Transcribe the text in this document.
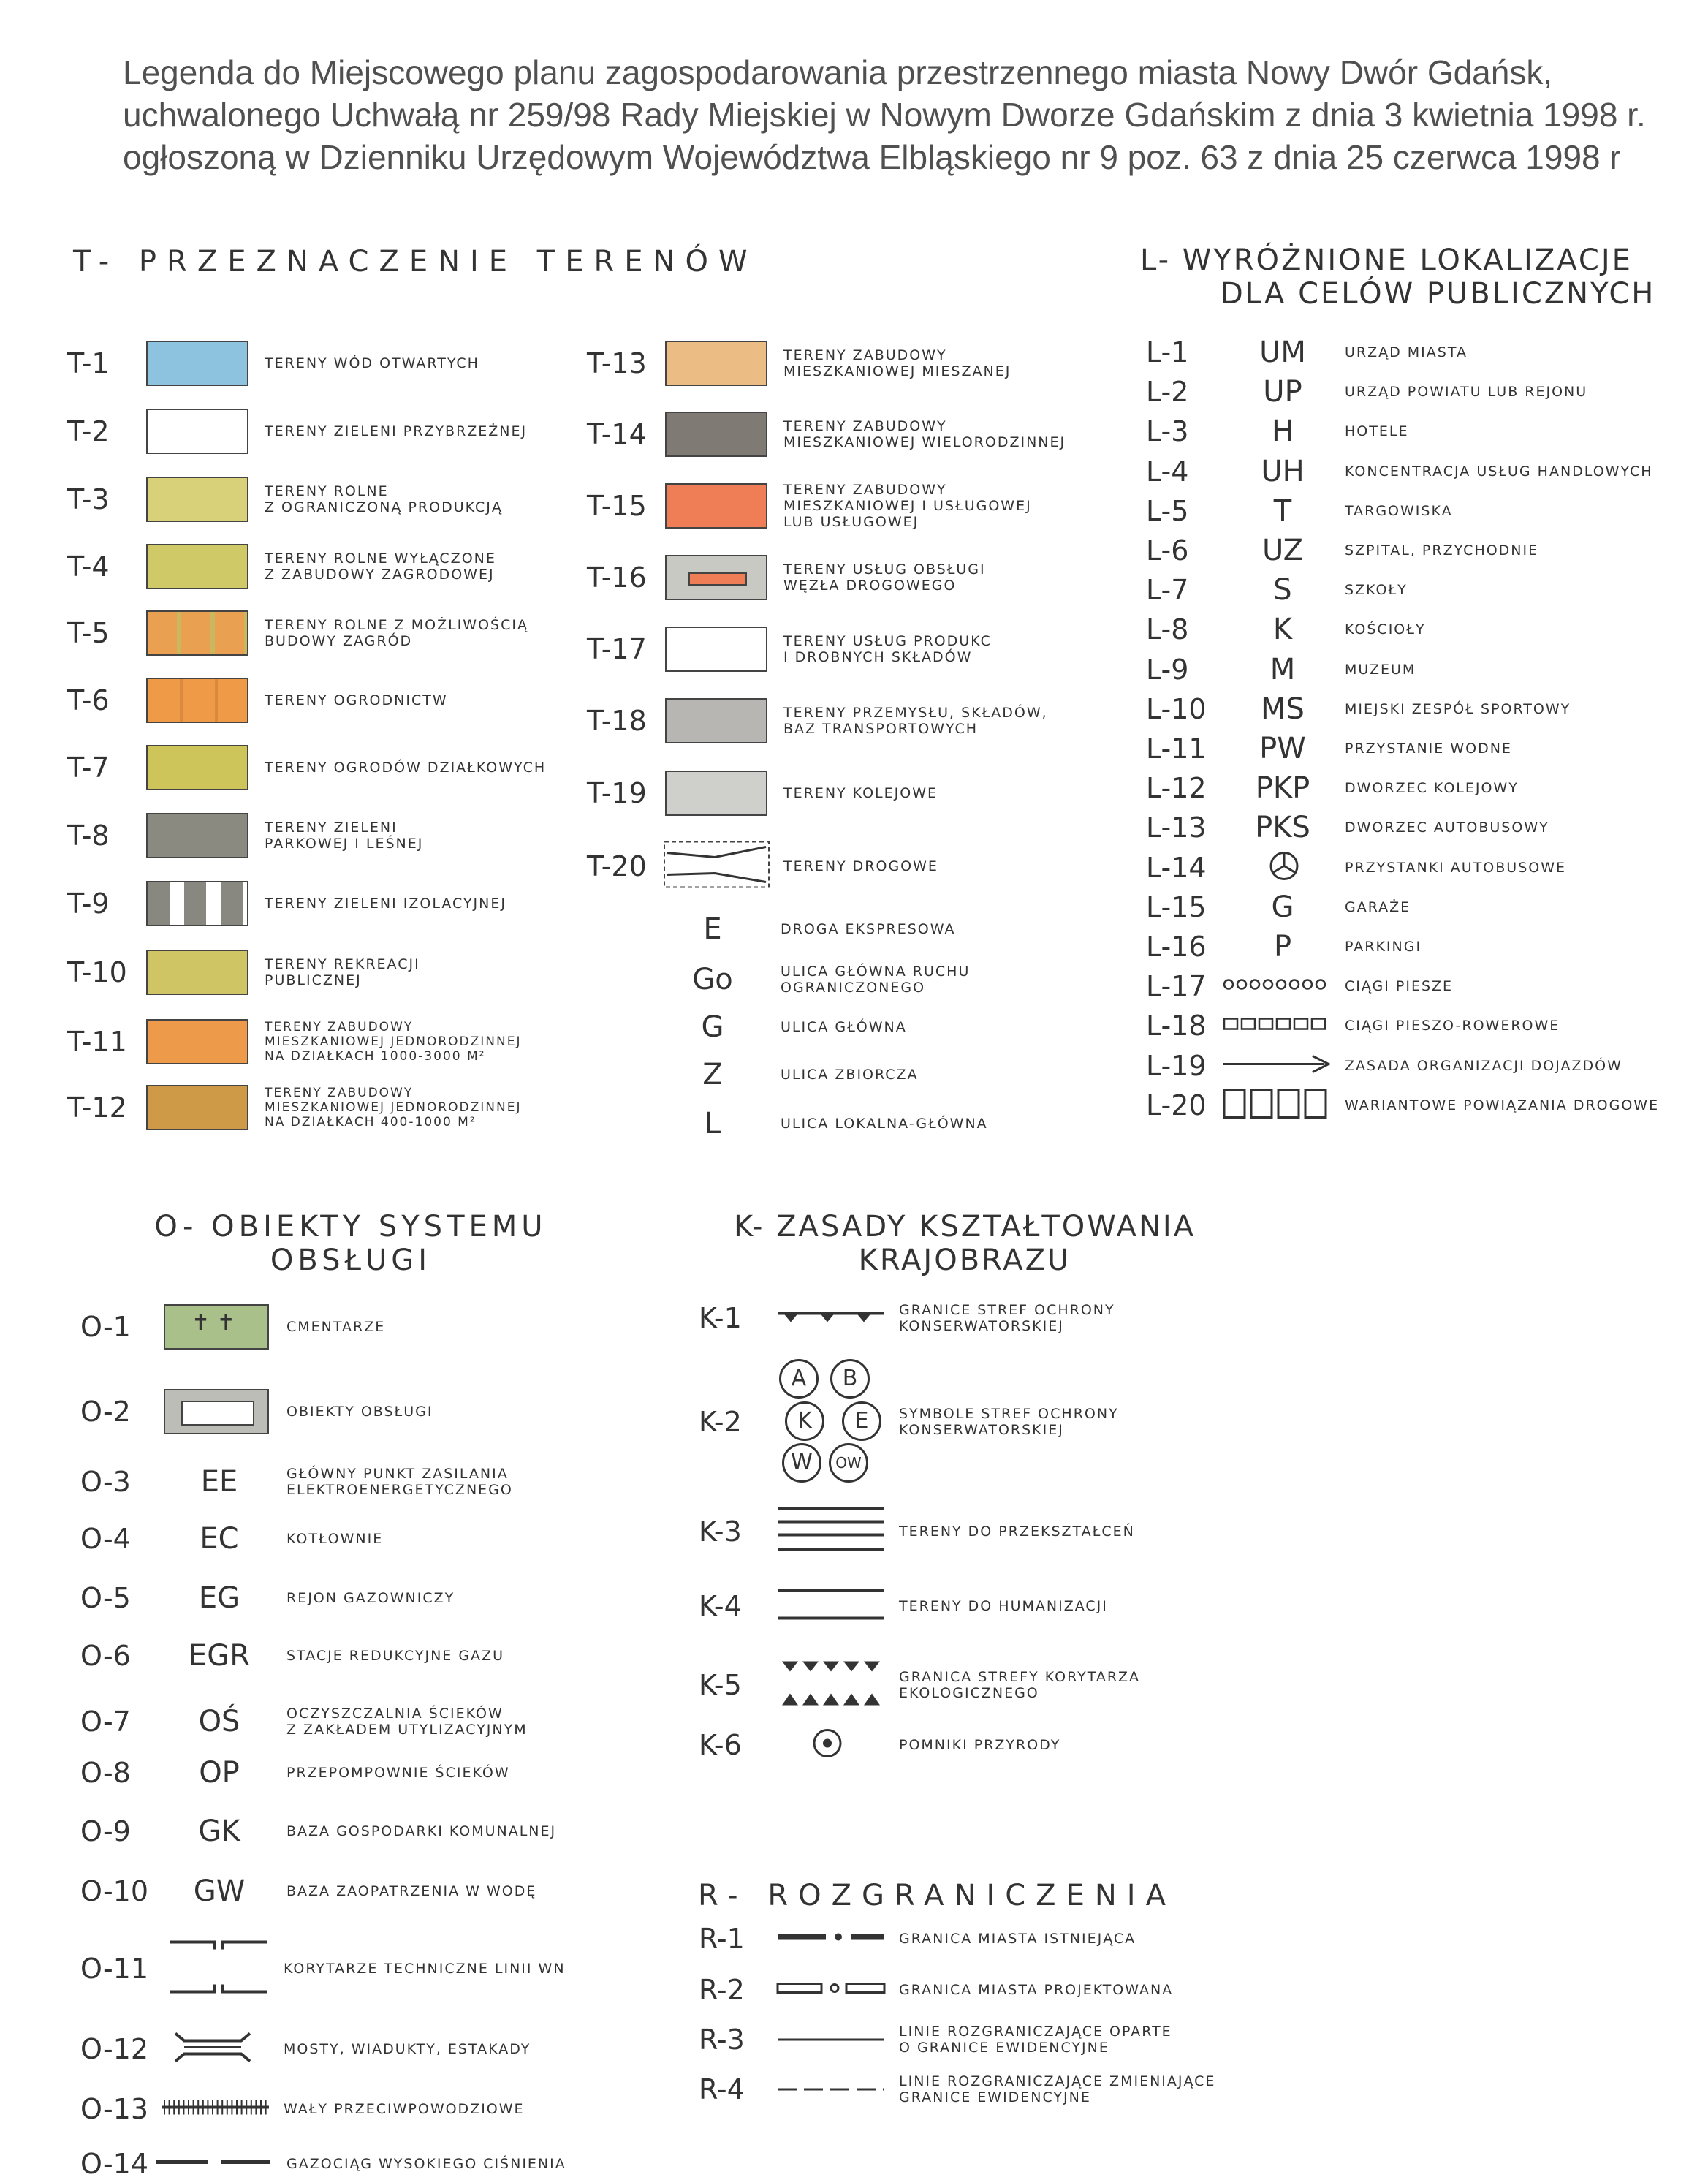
Legenda do Miejscowego planu zagospodarowania przestrzennego miasta Nowy Dwór Gdańsk,
uchwalonego Uchwałą nr 259/98 Rady Miejskiej w Nowym Dworze Gdańskim z dnia 3 kwietnia 1998 r.
ogłoszoną w Dzienniku Urzędowym Województwa Elbląskiego nr 9 poz. 63 z dnia 25 czerwca 1998 r
T- PRZEZNACZENIE TERENÓW	L- WYRÓŻNIONE LOKALIZACJE
DLA CELÓW PUBLICZNYCH
O- OBIEKTY SYSTEMU
OBSŁUGI
K- ZASADY KSZTAŁTOWANIA
KRAJOBRAZU
R- ROZGRANICZENIA
T-1	TERENY WÓD OTWARTYCH
T-2	TERENY ZIELENI PRZYBRZEŻNEJ
T-3	TERENY ROLNE
Z OGRANICZONĄ PRODUKCJĄ
T-4	TERENY ROLNE WYŁĄCZONE
Z ZABUDOWY ZAGRODOWEJ
T-5	TERENY ROLNE Z MOŻLIWOŚCIĄ
BUDOWY ZAGRÓD
T-6	TERENY OGRODNICTW
T-7	TERENY OGRODÓW DZIAŁKOWYCH
T-8	TERENY ZIELENI
PARKOWEJ I LEŚNEJ
T-9	TERENY ZIELENI IZOLACYJNEJ
T-10	TERENY REKREACJI
PUBLICZNEJ
T-11	TERENY ZABUDOWY
MIESZKANIOWEJ JEDNORODZINNEJ
NA DZIAŁKACH 1000-3000 M²
T-12	TERENY ZABUDOWY
MIESZKANIOWEJ JEDNORODZINNEJ
NA DZIAŁKACH 400-1000 M²
T-13	TERENY ZABUDOWY
MIESZKANIOWEJ MIESZANEJ
T-14	TERENY ZABUDOWY
MIESZKANIOWEJ WIELORODZINNEJ
T-15	TERENY ZABUDOWY
MIESZKANIOWEJ I USŁUGOWEJ
LUB USŁUGOWEJ
T-16	TERENY USŁUG OBSŁUGI
WĘZŁA DROGOWEGO
T-17	TERENY USŁUG PRODUKC
I DROBNYCH SKŁADÓW
T-18	TERENY PRZEMYSŁU, SKŁADÓW,
BAZ TRANSPORTOWYCH
T-19	TERENY KOLEJOWE
T-20	TERENY DROGOWE
E	DROGA EKSPRESOWA
Go	ULICA GŁÓWNA RUCHU
OGRANICZONEGO
G	ULICA GŁÓWNA
Z	ULICA ZBIORCZA
L	ULICA LOKALNA-GŁÓWNA
L-1	UM	URZĄD MIASTA
L-2	UP	URZĄD POWIATU LUB REJONU
L-3	H	HOTELE
L-4	UH	KONCENTRACJA USŁUG HANDLOWYCH
L-5	T	TARGOWISKA
L-6	UZ	SZPITAL, PRZYCHODNIE
L-7	S	SZKOŁY
L-8	K	KOŚCIOŁY
L-9	M	MUZEUM
L-10	MS	MIEJSKI ZESPÓŁ SPORTOWY
L-11	PW	PRZYSTANIE WODNE
L-12	PKP	DWORZEC KOLEJOWY
L-13	PKS	DWORZEC AUTOBUSOWY
L-14	PRZYSTANKI AUTOBUSOWE
L-15	G	GARAŻE
L-16	P	PARKINGI
L-17	CIĄGI PIESZE
L-18	CIĄGI PIESZO-ROWEROWE
L-19	ZASADA ORGANIZACJI DOJAZDÓW
L-20	WARIANTOWE POWIĄZANIA DROGOWE
O-1	✝ ✝	CMENTARZE
O-2	OBIEKTY OBSŁUGI
O-3	EE	GŁÓWNY PUNKT ZASILANIA
ELEKTROENERGETYCZNEGO
O-4	EC	KOTŁOWNIE
O-5	EG	REJON GAZOWNICZY
O-6	EGR	STACJE REDUKCYJNE GAZU
O-7	OŚ	OCZYSZCZALNIA ŚCIEKÓW
Z ZAKŁADEM UTYLIZACYJNYM
O-8	OP	PRZEPOMPOWNIE ŚCIEKÓW
O-9	GK	BAZA GOSPODARKI KOMUNALNEJ
O-10	GW	BAZA ZAOPATRZENIA W WODĘ
O-11	KORYTARZE TECHNICZNE LINII WN
O-12	MOSTY, WIADUKTY, ESTAKADY
O-13	WAŁY PRZECIWPOWODZIOWE
O-14	GAZOCIĄG WYSOKIEGO CIŚNIENIA
K-1	GRANICE STREF OCHRONY
KONSERWATORSKIEJ
K-2	SYMBOLE STREF OCHRONY
KONSERWATORSKIEJ
K-3	TERENY DO PRZEKSZTAŁCEŃ
K-4	TERENY DO HUMANIZACJI
K-5	GRANICA STREFY KORYTARZA
EKOLOGICZNEGO
K-6	POMNIKI PRZYRODY
A	B
K	E
W	OW
R-1	GRANICA MIASTA ISTNIEJĄCA
R-2	GRANICA MIASTA PROJEKTOWANA
R-3	LINIE ROZGRANICZAJĄCE OPARTE
O GRANICE EWIDENCYJNE
R-4	LINIE ROZGRANICZAJĄCE ZMIENIAJĄCE
GRANICE EWIDENCYJNE
